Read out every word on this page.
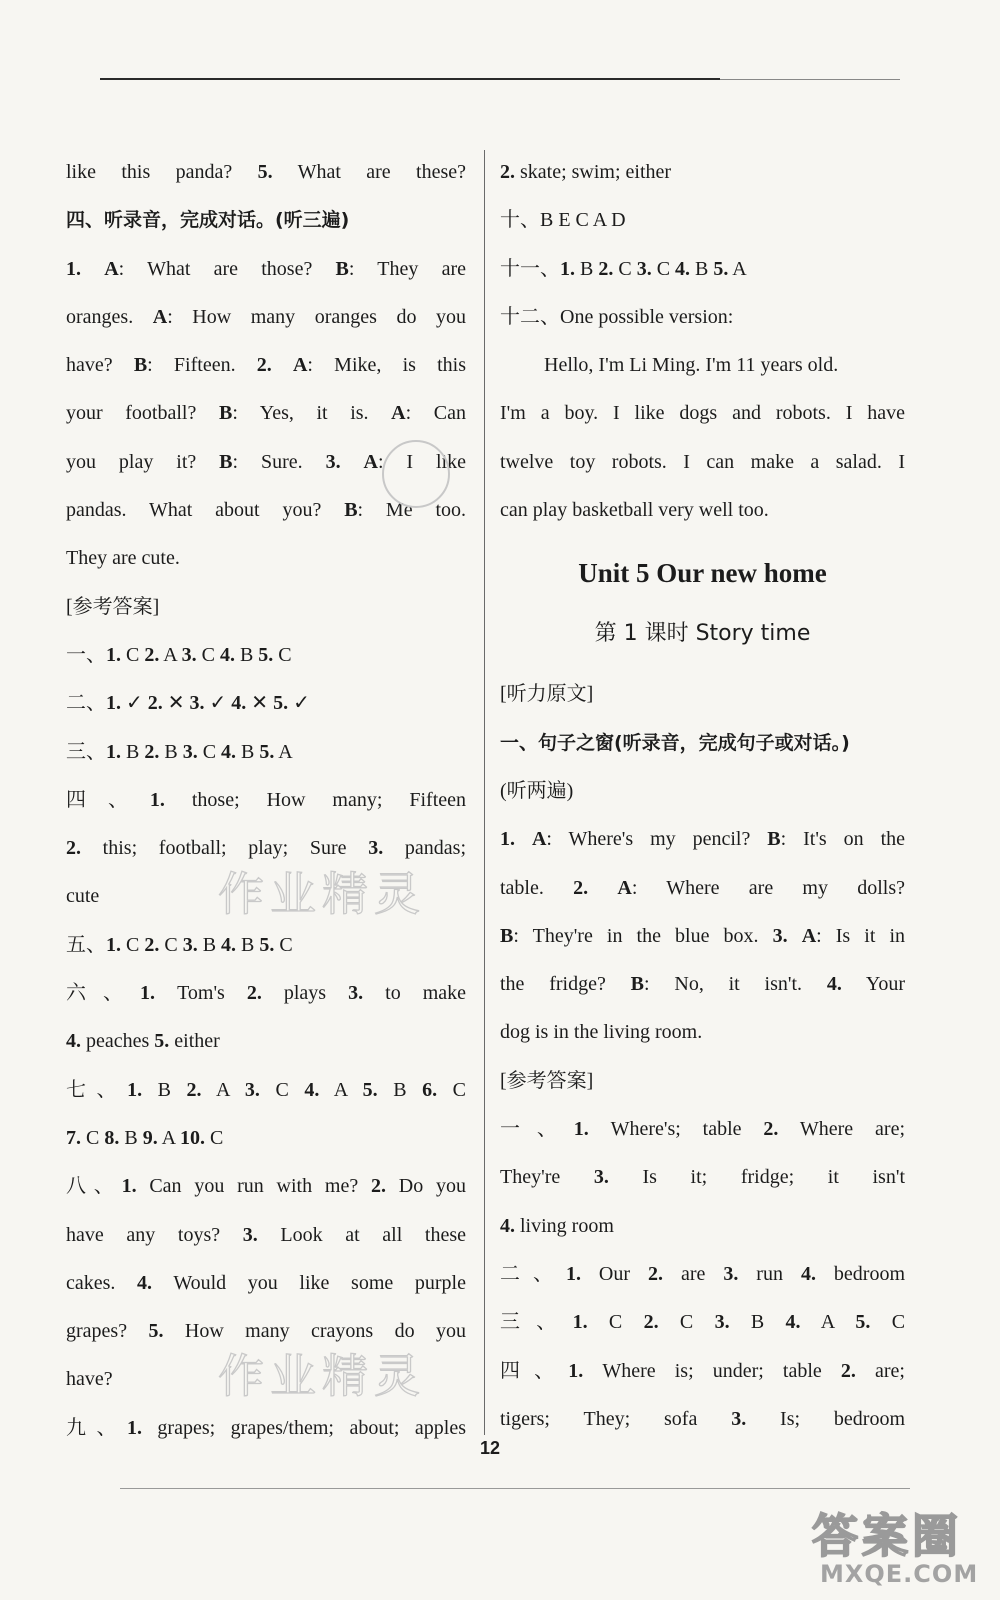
like this panda? 5. What are these?
四、听录音，完成对话。(听三遍)
1. A: What are those? B: They are
oranges. A: How many oranges do you
have? B: Fifteen. 2. A: Mike, is this
your football? B: Yes, it is. A: Can
you play it? B: Sure. 3. A: I like
pandas. What about you? B: Me too.
They are cute.
[参考答案]
一、1. C 2. A 3. C 4. B 5. C
二、1. ✓ 2. ✕ 3. ✓ 4. ✕ 5. ✓
三、1. B 2. B 3. C 4. B 5. A
四、1. those; How many; Fifteen
2. this; football; play; Sure 3. pandas;
cute
五、1. C 2. C 3. B 4. B 5. C
六、1. Tom's 2. plays 3. to make
4. peaches 5. either
七、1. B 2. A 3. C 4. A 5. B 6. C
7. C 8. B 9. A 10. C
八、1. Can you run with me? 2. Do you
have any toys? 3. Look at all these
cakes. 4. Would you like some purple
grapes? 5. How many crayons do you
have?
九、1. grapes; grapes/them; about; apples
2. skate; swim; either
十、B E C A D
十一、1. B 2. C 3. C 4. B 5. A
十二、One possible version:
Hello, I'm Li Ming. I'm 11 years old.
I'm a boy. I like dogs and robots. I have
twelve toy robots. I can make a salad. I
can play basketball very well too.
Unit 5 Our new home
第 1 课时 Story time
[听力原文]
一、句子之窗(听录音，完成句子或对话。)
(听两遍)
1. A: Where's my pencil? B: It's on the
table. 2. A: Where are my dolls?
B: They're in the blue box. 3. A: Is it in
the fridge? B: No, it isn't. 4. Your
dog is in the living room.
[参考答案]
一、1. Where's; table 2. Where are;
They're 3. Is it; fridge; it isn't
4. living room
二、1. Our 2. are 3. run 4. bedroom
三、1. C 2. C 3. B 4. A 5. C
四、1. Where is; under; table 2. are;
tigers; They; sofa 3. Is; bedroom
作业精灵
作业精灵
12
答案圈
MXQE.COM
